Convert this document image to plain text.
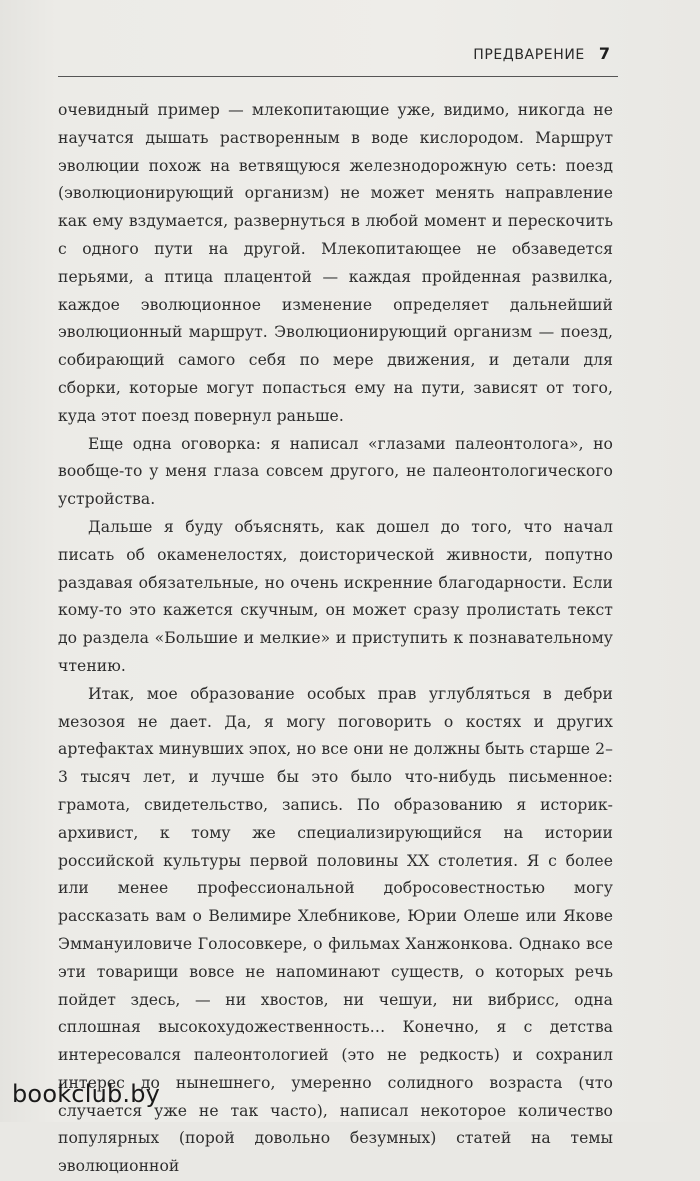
ПРЕДВАРЕНИЕ 7

очевидный пример — млекопитающие уже, видимо, никогда не научатся дышать растворенным в воде кислородом. Маршрут эволюции похож на ветвящуюся железнодорожную сеть: поезд (эволюционирующий организм) не может менять направление как ему вздумается, развернуться в любой момент и перескочить с одного пути на другой. Млекопитающее не обзаведется перьями, а птица плацентой — каждая пройденная развилка, каждое эволюционное изменение определяет дальнейший эволюционный маршрут. Эволюционирующий организм — поезд, собирающий самого себя по мере движения, и детали для сборки, которые могут попасться ему на пути, зависят от того, куда этот поезд повернул раньше.

Еще одна оговорка: я написал «глазами палеонтолога», но вообще-то у меня глаза совсем другого, не палеонтологического устройства.

Дальше я буду объяснять, как дошел до того, что начал писать об окаменелостях, доисторической живности, попутно раздавая обязательные, но очень искренние благодарности. Если кому-то это кажется скучным, он может сразу пролистать текст до раздела «Большие и мелкие» и приступить к познавательному чтению.

Итак, мое образование особых прав углубляться в дебри мезозоя не дает. Да, я могу поговорить о костях и других артефактах минувших эпох, но все они не должны быть старше 2–3 тысяч лет, и лучше бы это было что-нибудь письменное: грамота, свидетельство, запись. По образованию я историк-архивист, к тому же специализирующийся на истории российской культуры первой половины XX столетия. Я с более или менее профессиональной добросовестностью могу рассказать вам о Велимире Хлебникове, Юрии Олеше или Якове Эммануиловиче Голосовкере, о фильмах Ханжонкова. Однако все эти товарищи вовсе не напоминают существ, о которых речь пойдет здесь, — ни хвостов, ни чешуи, ни вибрисс, одна сплошная высокохудожественность… Конечно, я с детства интересовался палеонтологией (это не редкость) и сохранил интерес до нынешнего, умеренно солидного возраста (что случается уже не так часто), написал некоторое количество популярных (порой довольно безумных) статей на темы эволюционной

bookclub.by
